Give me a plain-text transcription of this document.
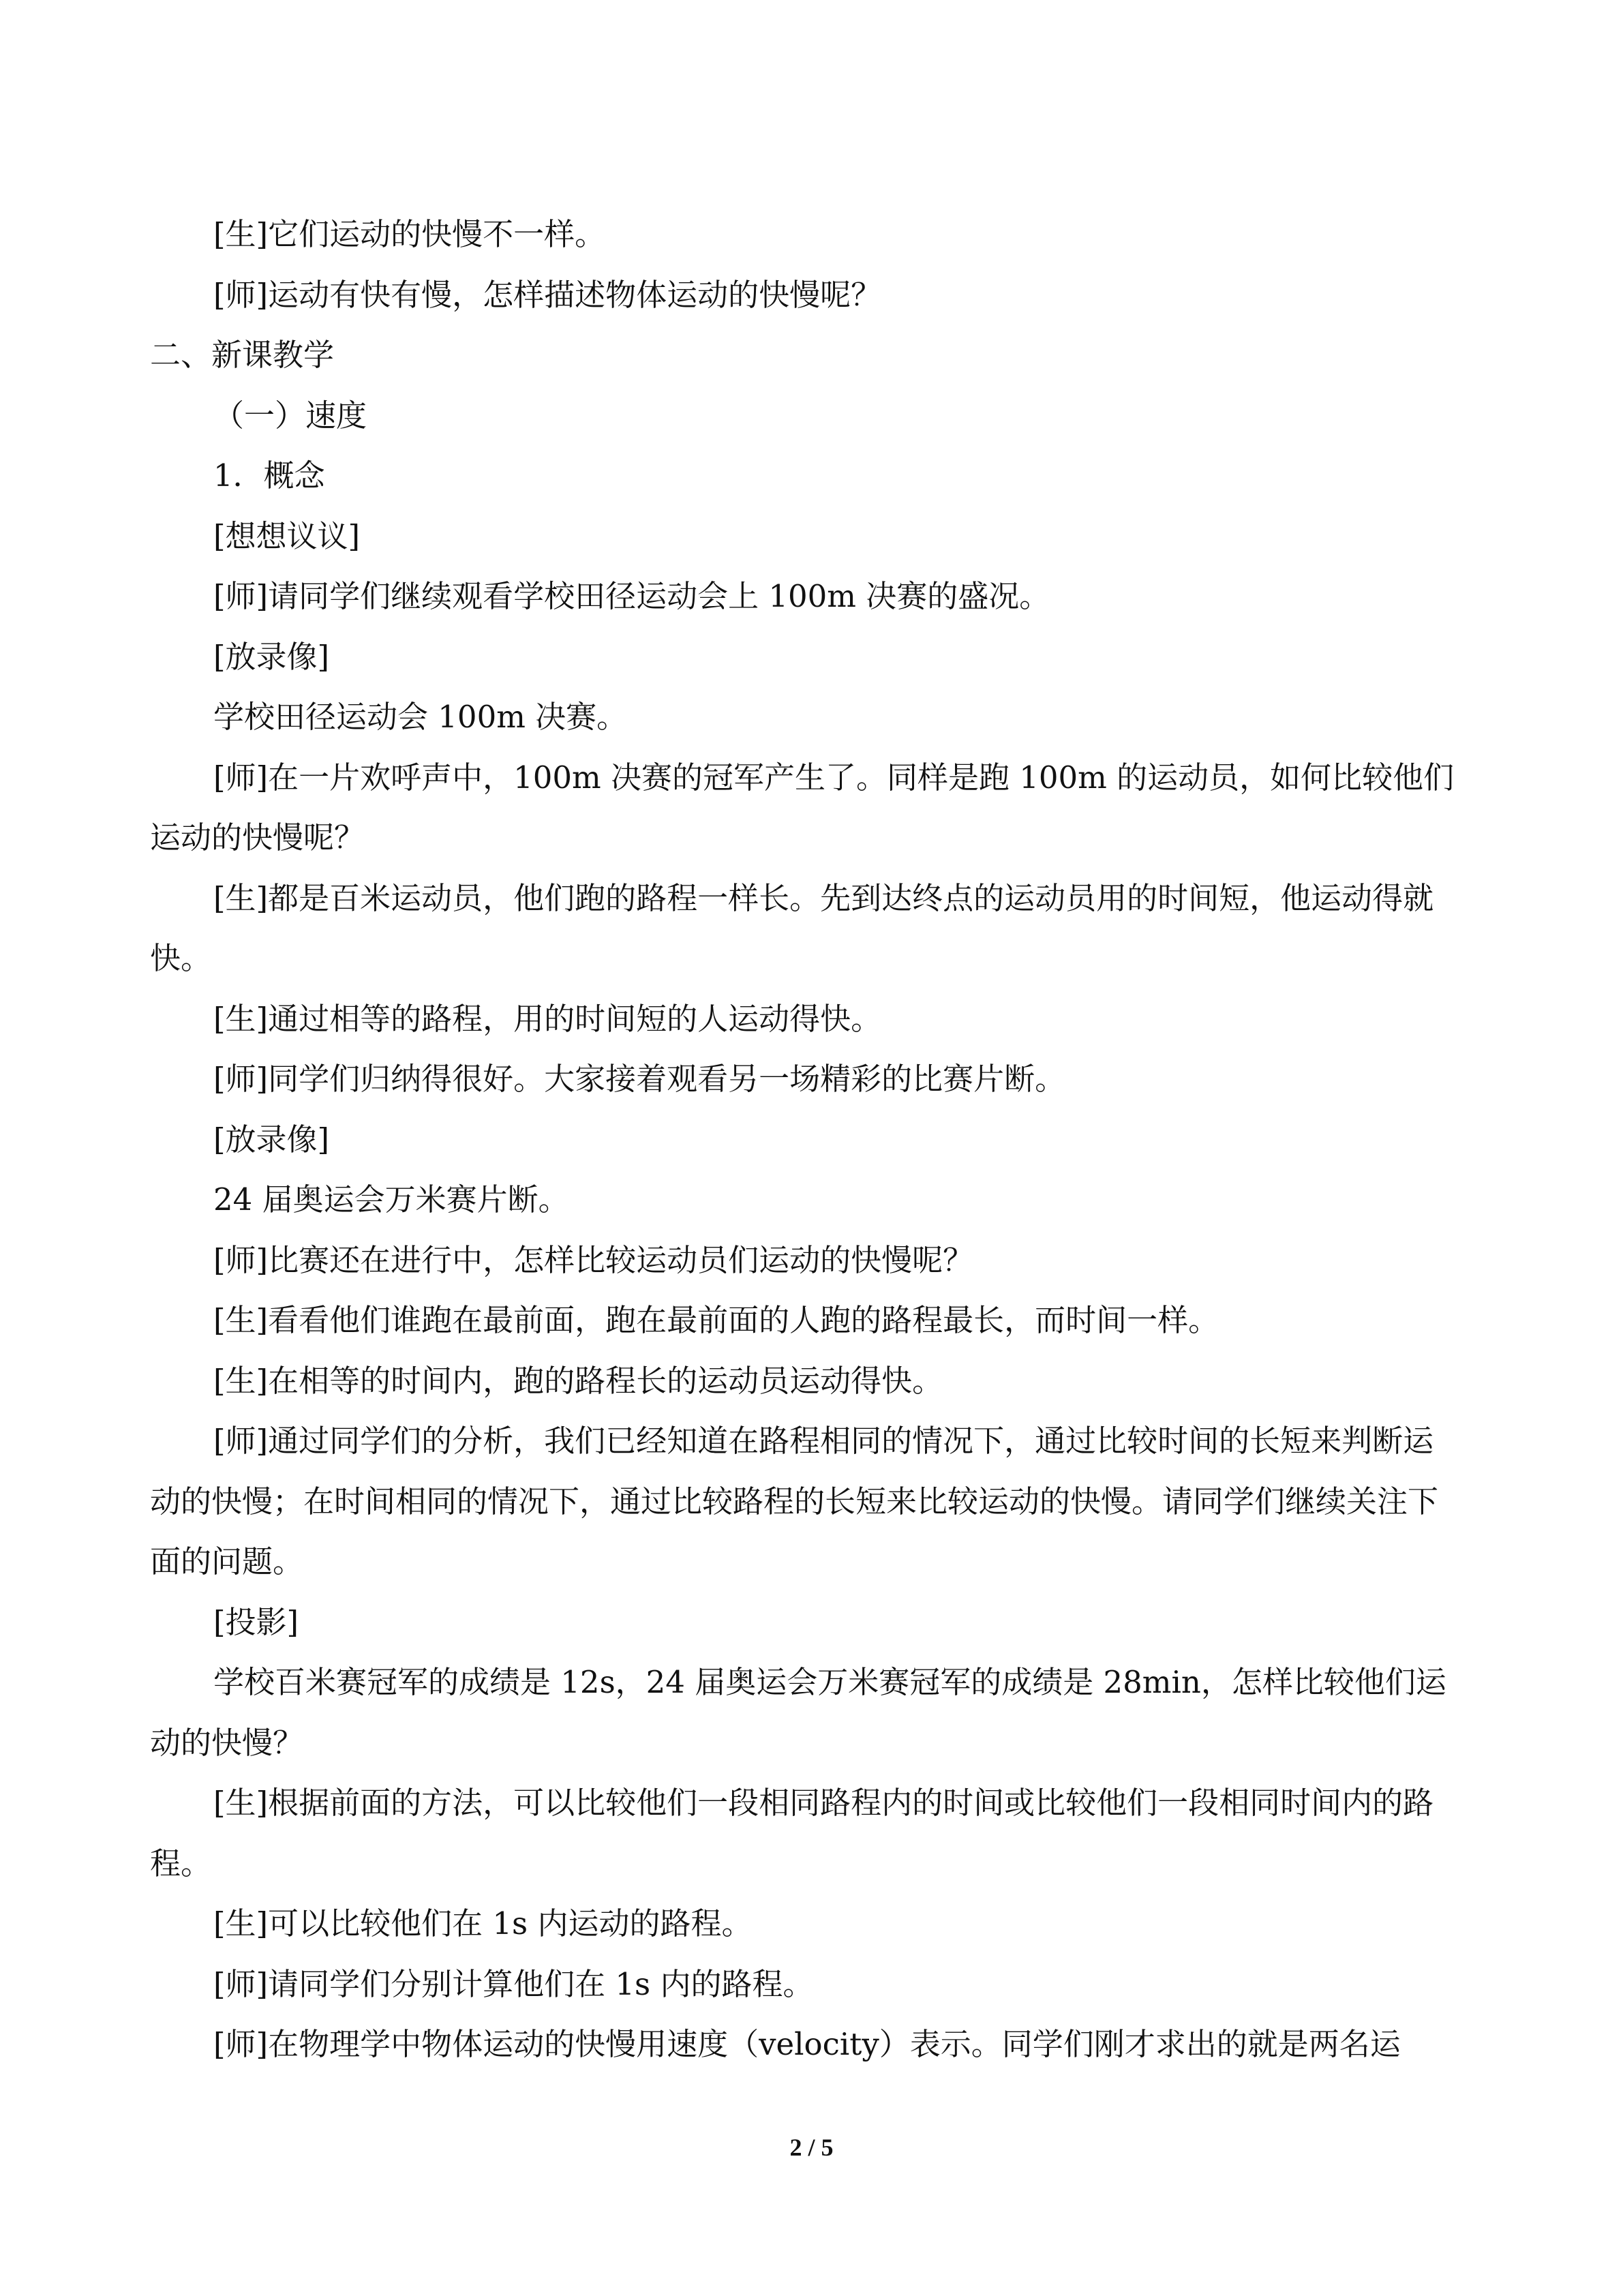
[生]它们运动的快慢不一样。

[师]运动有快有慢，怎样描述物体运动的快慢呢？

二、新课教学

（一）速度

1．概念

[想想议议]

[师]请同学们继续观看学校田径运动会上 100m 决赛的盛况。

[放录像]

学校田径运动会 100m 决赛。

[师]在一片欢呼声中，100m 决赛的冠军产生了。同样是跑 100m 的运动员，如何比较他们运动的快慢呢？

[生]都是百米运动员，他们跑的路程一样长。先到达终点的运动员用的时间短，他运动得就快。

[生]通过相等的路程，用的时间短的人运动得快。

[师]同学们归纳得很好。大家接着观看另一场精彩的比赛片断。

[放录像]

24 届奥运会万米赛片断。

[师]比赛还在进行中，怎样比较运动员们运动的快慢呢？

[生]看看他们谁跑在最前面，跑在最前面的人跑的路程最长，而时间一样。

[生]在相等的时间内，跑的路程长的运动员运动得快。

[师]通过同学们的分析，我们已经知道在路程相同的情况下，通过比较时间的长短来判断运动的快慢；在时间相同的情况下，通过比较路程的长短来比较运动的快慢。请同学们继续关注下面的问题。

[投影]

学校百米赛冠军的成绩是 12s，24 届奥运会万米赛冠军的成绩是 28min，怎样比较他们运动的快慢？

[生]根据前面的方法，可以比较他们一段相同路程内的时间或比较他们一段相同时间内的路程。

[生]可以比较他们在 1s 内运动的路程。

[师]请同学们分别计算他们在 1s 内的路程。

[师]在物理学中物体运动的快慢用速度（velocity）表示。同学们刚才求出的就是两名运

2 / 5
